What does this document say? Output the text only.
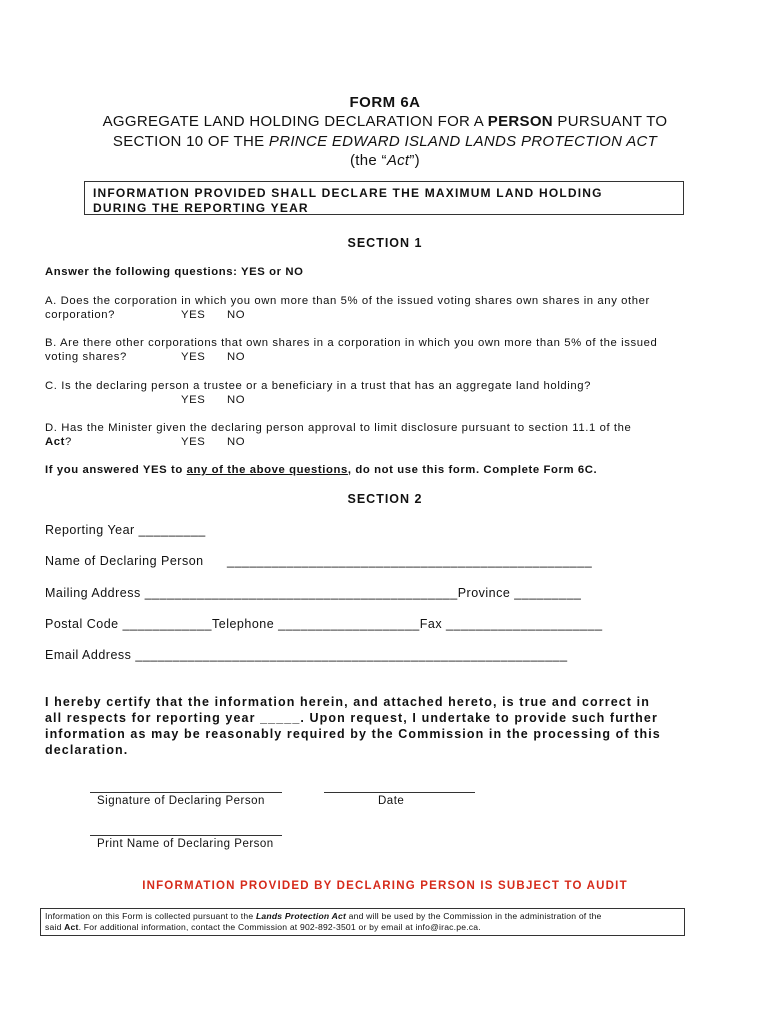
FORM 6A
AGGREGATE LAND HOLDING DECLARATION FOR A PERSON PURSUANT TO
SECTION 10 OF THE PRINCE EDWARD ISLAND LANDS PROTECTION ACT
(the “Act”)
INFORMATION PROVIDED SHALL DECLARE THE MAXIMUM LAND HOLDING
DURING THE REPORTING YEAR
SECTION 1
Answer the following questions: YES or NO
A. Does the corporation in which you own more than 5% of the issued voting shares own shares in any other
corporation?	YES NO
B. Are there other corporations that own shares in a corporation in which you own more than 5% of the issued
voting shares?	YES NO
C. Is the declaring person a trustee or a beneficiary in a trust that has an aggregate land holding?
YES NO
D. Has the Minister given the declaring person approval to limit disclosure pursuant to section 11.1 of the
Act?	YES NO
If you answered YES to any of the above questions, do not use this form. Complete Form 6C.
SECTION 2
Reporting Year _________
Name of Declaring Person _________________________________________________
Mailing Address __________________________________________Province _________
Postal Code ____________Telephone ___________________Fax _____________________
Email Address __________________________________________________________
I hereby certify that the information herein, and attached hereto, is true and correct in
all respects for reporting year _____. Upon request, I undertake to provide such further
information as may be reasonably required by the Commission in the processing of this
declaration.
Signature of Declaring Person	Date
Print Name of Declaring Person
INFORMATION PROVIDED BY DECLARING PERSON IS SUBJECT TO AUDIT
Information on this Form is collected pursuant to the Lands Protection Act and will be used by the Commission in the administration of the
said Act. For additional information, contact the Commission at 902-892-3501 or by email at info@irac.pe.ca.
